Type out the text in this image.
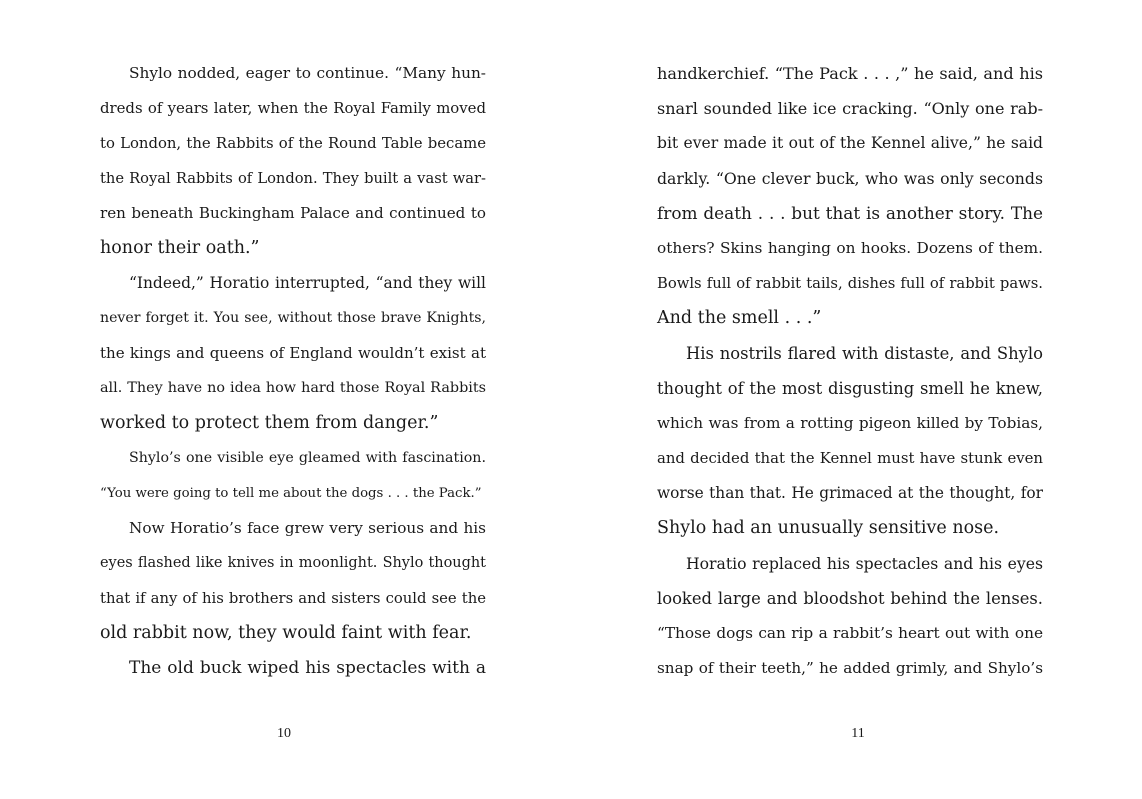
Shylo nodded, eager to continue. “Many hun-
dreds of years later, when the Royal Family moved
to London, the Rabbits of the Round Table became
the Royal Rabbits of London. They built a vast war-
ren beneath Buckingham Palace and continued to
honor their oath.”
“Indeed,” Horatio interrupted, “and they will
never forget it. You see, without those brave Knights,
the kings and queens of England wouldn’t exist at
all. They have no idea how hard those Royal Rabbits
worked to protect them from danger.”
Shylo’s one visible eye gleamed with fascination.
“You were going to tell me about the dogs . . . the Pack.”
Now Horatio’s face grew very serious and his
eyes flashed like knives in moonlight. Shylo thought
that if any of his brothers and sisters could see the
old rabbit now, they would faint with fear.
The old buck wiped his spectacles with a
handkerchief. “The Pack . . . ,” he said, and his
snarl sounded like ice cracking. “Only one rab-
bit ever made it out of the Kennel alive,” he said
darkly. “One clever buck, who was only seconds
from death . . . but that is another story. The
others? Skins hanging on hooks. Dozens of them.
Bowls full of rabbit tails, dishes full of rabbit paws.
And the smell . . .”
His nostrils flared with distaste, and Shylo
thought of the most disgusting smell he knew,
which was from a rotting pigeon killed by Tobias,
and decided that the Kennel must have stunk even
worse than that. He grimaced at the thought, for
Shylo had an unusually sensitive nose.
Horatio replaced his spectacles and his eyes
looked large and bloodshot behind the lenses.
“Those dogs can rip a rabbit’s heart out with one
snap of their teeth,” he added grimly, and Shylo’s
10	11
